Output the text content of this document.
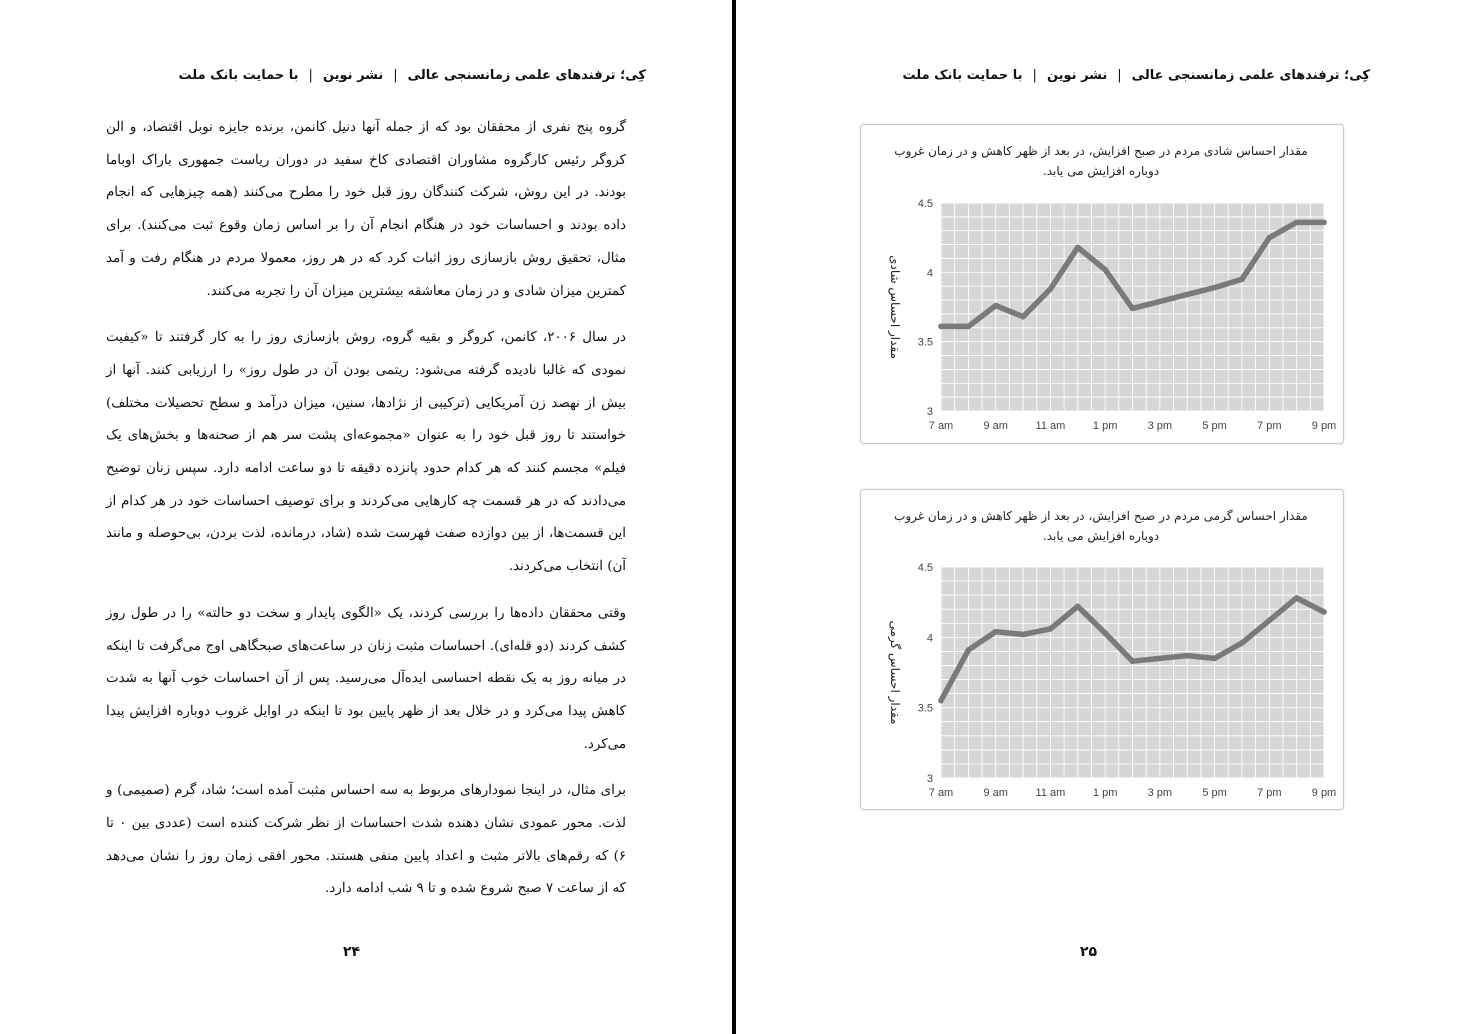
کِی؛ ترفندهای علمی زمانسنجی عالی|نشر نوین|با حمایت بانک ملت

گروه پنج نفری از محققان بود که از جمله آنها دنیل کانمن، برنده جایزه نوبل اقتصاد، و الن کروگر رئیس کارگروه مشاوران اقتصادی کاخ سفید در دوران ریاست جمهوری باراک اوباما بودند. در این روش، شرکت کنندگان روز قبل خود را مطرح می‌کنند (همه چیزهایی که انجام داده بودند و احساسات خود در هنگام انجام آن را بر اساس زمان وقوع ثبت می‌کنند). برای مثال، تحقیق روش بازسازی روز اثبات کرد که در هر روز، معمولا مردم در هنگام رفت و آمد کمترین میزان شادی و در زمان معاشقه بیشترین میزان آن را تجربه می‌کنند.

در سال ۲۰۰۶، کانمن، کروگر و بقیه گروه، روش بازسازی روز را به کار گرفتند تا «کیفیت نمودی که غالبا نادیده گرفته می‌شود: ریتمی بودن آن در طول روز» را ارزیابی کنند. آنها از بیش از نهصد زن آمریکایی (ترکیبی از نژادها، سنین، میزان درآمد و سطح تحصیلات مختلف) خواستند تا روز قبل خود را به عنوان «مجموعه‌ای پشت سر هم از صحنه‌ها و بخش‌های یک فیلم» مجسم کنند که هر کدام حدود پانزده دقیقه تا دو ساعت ادامه دارد. سپس زنان توضیح می‌دادند که در هر قسمت چه کارهایی می‌کردند و برای توصیف احساسات خود در هر کدام از این قسمت‌ها، از بین دوازده صفت فهرست شده (شاد، درمانده، لذت بردن، بی‌حوصله و مانند آن) انتخاب می‌کردند.

وقتی محققان داده‌ها را بررسی کردند، یک «الگوی پایدار و سخت دو حالته» را در طول روز کشف کردند (دو قله‌ای). احساسات مثبت زنان در ساعت‌های صبحگاهی اوج می‌گرفت تا اینکه در میانه روز به یک نقطه احساسی ایده‌آل می‌رسید. پس از آن احساسات خوب آنها به شدت کاهش پیدا می‌کرد و در خلال بعد از ظهر پایین بود تا اینکه در اوایل غروب دوباره افزایش پیدا می‌کرد.

برای مثال، در اینجا نمودارهای مربوط به سه احساس مثبت آمده است؛ شاد، گرم (صمیمی) و لذت. محور عمودی نشان دهنده شدت احساسات از نظر شرکت کننده است (عددی بین ۰ تا ۶) که رقم‌های بالاتر مثبت و اعداد پایین منفی هستند. محور افقی زمان روز را نشان می‌دهد که از ساعت ۷ صبح شروع شده و تا ۹ شب ادامه دارد.

۲۴
کِی؛ ترفندهای علمی زمانسنجی عالی|نشر نوین|با حمایت بانک ملت
3
3.5
4
4.5
7 am	9 am	11 am	1 pm	3 pm	5 pm	7 pm	9 pm
مقدار احساس شادی
مقدار احساس شادی مردم در صبح افزایش، در بعد از ظهر کاهش و در زمان غروب دوباره افزایش می یابد.
3
3.5
4
4.5
7 am	9 am	11 am	1 pm	3 pm	5 pm	7 pm	9 pm
مقدار احساس گرمی
مقدار احساس گرمی مردم در صبح افزایش، در بعد از ظهر کاهش و در زمان غروب دوباره افزایش می یابد.
۲۵
